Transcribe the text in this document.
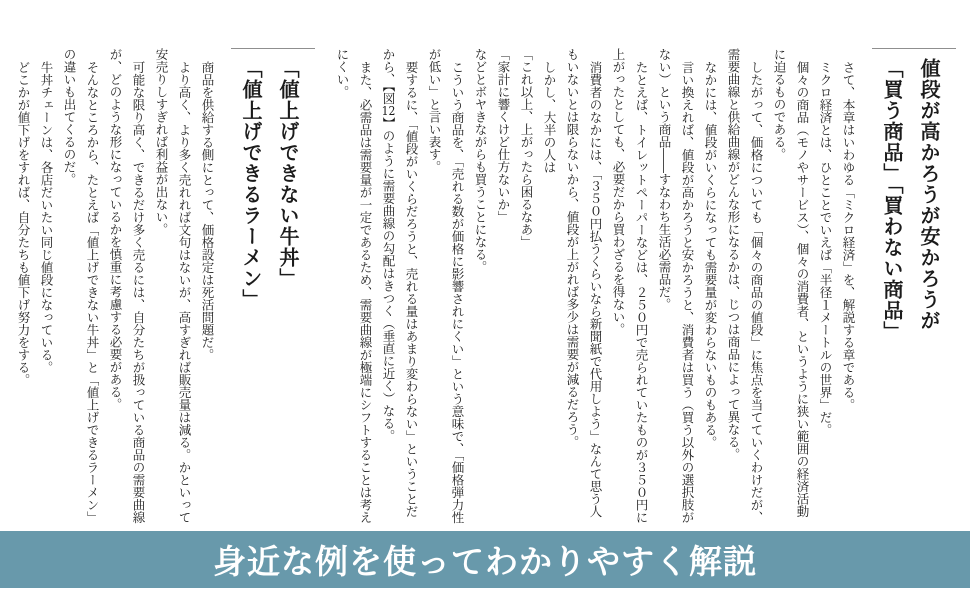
値段が高かろうが安かろうが
「買う商品」「買わない商品」

さて、本章はいわゆる「ミクロ経済」を、解説する章である。

ミクロ経済とは、ひとことでいえば「半径１メートルの世界」だ。

個々の商品（モノやサービス）、個々の消費者、というように狭い範囲の経済活動

に迫るものである。

したがって、価格についても「個々の商品の値段」に焦点を当てていくわけだが、

需要曲線と供給曲線がどんな形になるかは、じつは商品によって異なる。

なかには、値段がいくらになっても需要量が変わらないものもある。

言い換えれば、値段が高かろうと安かろうと、消費者は買う（買う以外の選択肢が

ない）という商品――すなわち生活必需品だ。

たとえば、トイレットペーパーなどは、２５０円で売られていたものが３５０円に

上がったとしても、必要だから買わざるを得ない。

消費者のなかには、「３５０円払うくらいなら新聞紙で代用しよう」なんて思う人

もいないとは限らないから、値段が上がれば多少は需要が減るだろう。

しかし、大半の人は

「これ以上、上がったら困るなあ」

「家計に響くけど仕方ないか」

などとボヤきながらも買うことになる。

こういう商品を、「売れる数が価格に影響されにくい」という意味で、「価格弾力性

が低い」と言い表す。

要するに、「値段がいくらだろうと、売れる量はあまり変わらない」ということだ

から、【図12】のように需要曲線の勾配はきつく（垂直に近く）なる。

また、必需品は需要量が一定であるため、需要曲線が極端にシフトすることは考え

にくい。

「値上げできない牛丼」
「値上げできるラーメン」

商品を供給する側にとって、価格設定は死活問題だ。

より高く、より多く売れれば文句はないが、高すぎれば販売量は減る。かといって

安売りしすぎれば利益が出ない。

可能な限り高く、できるだけ多く売るには、自分たちが扱っている商品の需要曲線

が、どのような形になっているかを慎重に考慮する必要がある。

そんなところから、たとえば「値上げできない牛丼」と「値上げできるラーメン」

の違いも出てくるのだ。

牛丼チェーンは、各店だいたい同じ値段になっている。

どこかが値下げをすれば、自分たちも値下げ努力をする。

身近な例を使ってわかりやすく解説
